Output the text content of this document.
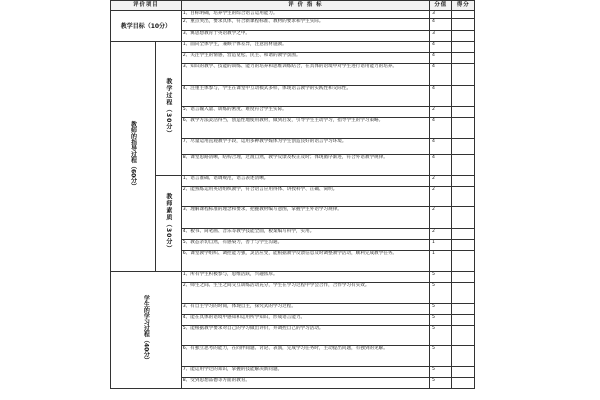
评价项目		评 价 指 标	分值	得分
教学目标（10分）		1、目标明确，培养学生的综合语言运用能力。	3	
		2、重点突出，要求具体，符合新课程标准、教材的要求和学生实际。	4	
		3、寓思想教育于英语教学之中。	3	
教师的指导过程（60分）	教学过程（30分）	1、面向全体学生，兼顾个体差异，注意因材施教。	4	
		2、关注学生的情感，营造宽松、民主、和谐的教学氛围。	4	
		3、知识的教学、技能的训练、能力的培养和思维训练结合，在具体的语境中对学生进行语用能力的培养。	4	
		4、注重主体参与，学生在课堂中互动模式多样，体现语言教学的实践性和交际性。	4	
		5、语言输入量、训练的密度、难度符合学生实际。	2	
		6、教学方法灵活得当，创造性地使用教材，做到启发，引导学生主动学习，指导学生的学习策略。	4	
		7、尽量运用直观教学手段，运用多种教学媒体为学生创造良好的语言学习环境。	4	
		8、课堂思路清晰，结构合理，过渡自然，教学反馈及校正及时；体现循序渐进，符合外语教学规律。	4	
	教师素质（30分）	1、语言准确、语调规范，语言表述清晰。	2	
		2、能熟练运用英语组织教学，符合语言应用得体、讲授科学、正确、简明。	2	
		3、理解课程标准的理念和要求，把握教材编写意图，掌握学生外语学习规律。	2	
		4、板书、简笔画、音乐等教学技能全面，板案编写科学，实用。	2	
		5、教态亲切自然，有感染力，善于与学生沟通。	1	
		6、课堂教学组织、调控能力强，灵活应变，能根据教学反馈信息及时调整教学活动，顺利完成教学任务。	1	
学生的学习过程（40分）		1、所有学生积极参与，思维活跃，兴趣浓厚。	5	
		2、师生之间、生生之间交互训练活动充分，学生在学习过程中学会合作，合作学习有实效。	5	
		3、有自主学习的时间，体现自主，探究式的学习过程。	5	
		4、能在具体的语境中感知和运用所学知识，形成语言能力。	5	
		5、能根据教学要求对自己的学习做出评价，并调控自己的学习活动。	5	
		6、有独立思考的能力，在同伴间题、讨论、表演，完成学习任务时，主动提出问题，有独到的见解。	5	
		7、能运用学过的知识，掌握的技能解决新问题。	5	
		8、受到思想品德等方面的教育。	5	
